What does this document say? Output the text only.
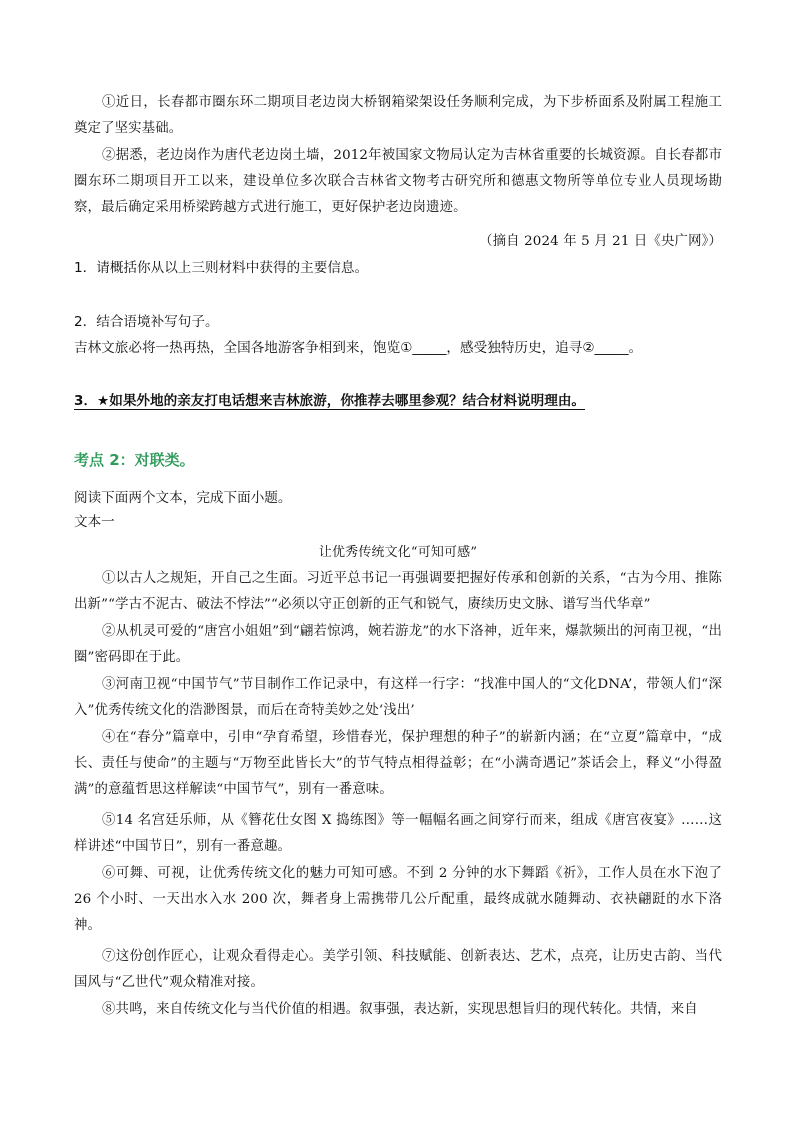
①近日，长春都市圈东环二期项目老边岗大桥钢箱梁架设任务顺利完成，为下步桥面系及附属工程施工奠定了坚实基础。

②据悉，老边岗作为唐代老边岗土墙，2012年被国家文物局认定为吉林省重要的长城资源。自长春都市圈东环二期项目开工以来，建设单位多次联合吉林省文物考古研究所和德惠文物所等单位专业人员现场勘察，最后确定采用桥梁跨越方式进行施工，更好保护老边岗遗迹。

（摘自 2024 年 5 月 21 日《央广网》）

1．请概括你从以上三则材料中获得的主要信息。

2．结合语境补写句子。

吉林文旅必将一热再热，全国各地游客争相到来，饱览①_____，感受独特历史，追寻②_____。

3．★如果外地的亲友打电话想来吉林旅游，你推荐去哪里参观？结合材料说明理由。

考点 2：对联类。

阅读下面两个文本，完成下面小题。

文本一

让优秀传统文化“可知可感”

①以古人之规矩，开自己之生面。习近平总书记一再强调要把握好传承和创新的关系，“古为今用、推陈出新”“学古不泥古、破法不悖法”“必须以守正创新的正气和锐气，赓续历史文脉、谱写当代华章”

②从机灵可爱的“唐宫小姐姐”到“翩若惊鸿，婉若游龙”的水下洛神，近年来，爆款频出的河南卫视，“出圈”密码即在于此。

③河南卫视“中国节气”节目制作工作记录中，有这样一行字：“找准中国人的“文化DNA’，带领人们“深入”优秀传统文化的浩渺图景，而后在奇特美妙之处‘浅出’

④在“春分”篇章中，引申“孕育希望，珍惜春光，保护理想的种子”的崭新内涵；在“立夏”篇章中，“成长、责任与使命”的主题与“万物至此皆长大”的节气特点相得益彰；在“小满奇遇记”茶话会上，释义“小得盈满”的意蕴哲思这样解读“中国节气”，别有一番意味。

⑤14 名宫廷乐师，从《簪花仕女图 X 捣练图》等一幅幅名画之间穿行而来，组成《唐宫夜宴》……这样讲述“中国节日”，别有一番意趣。

⑥可舞、可视，让优秀传统文化的魅力可知可感。不到 2 分钟的水下舞蹈《祈》，工作人员在水下泡了 26 个小时、一天出水入水 200 次，舞者身上需携带几公斤配重，最终成就水随舞动、衣袂翩跹的水下洛神。

⑦这份创作匠心，让观众看得走心。美学引领、科技赋能、创新表达、艺术，点亮，让历史古韵、当代国风与“乙世代”观众精准对接。

⑧共鸣，来自传统文化与当代价值的相遇。叙事强，表达新，实现思想旨归的现代转化。共情，来自
